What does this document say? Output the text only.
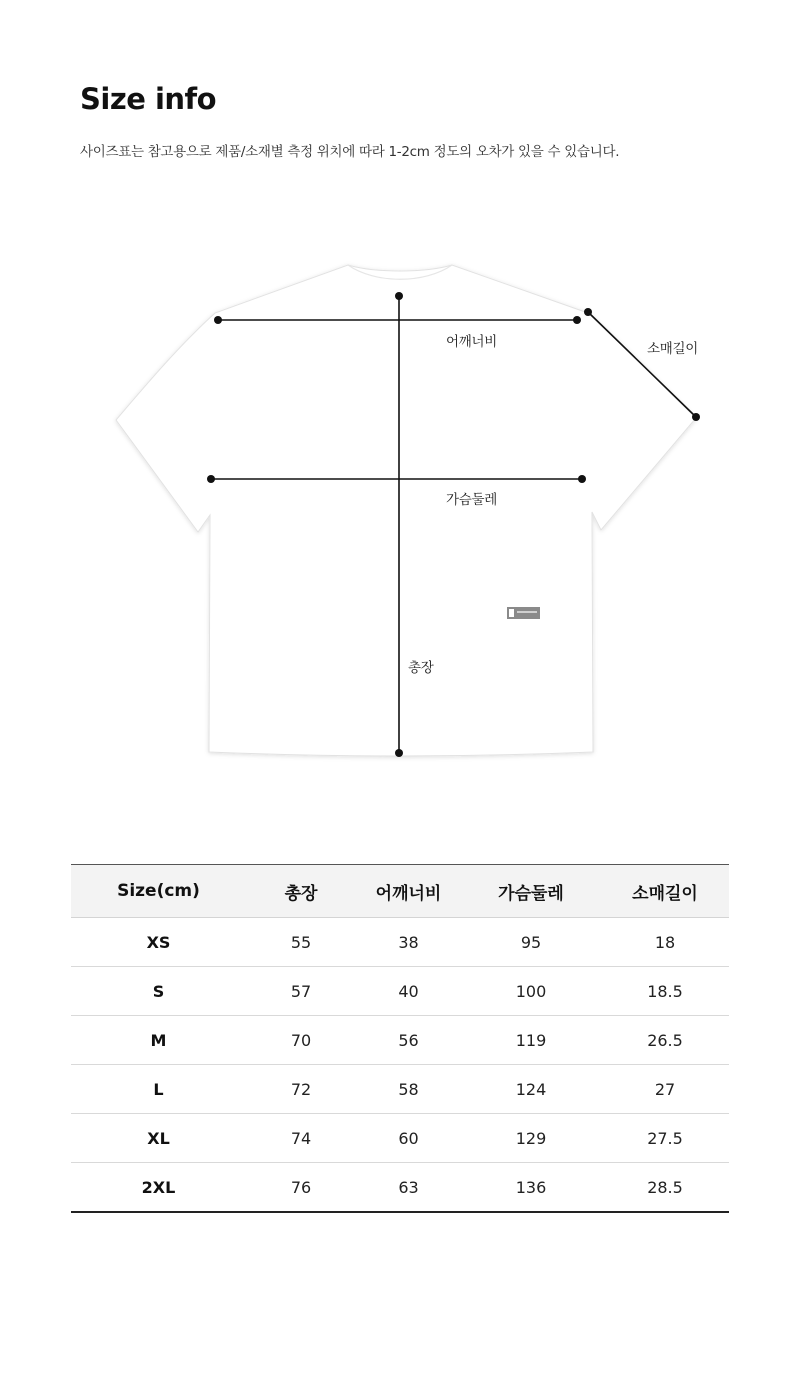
Size info
사이즈표는 참고용으로 제품/소재별 측정 위치에 따라 1-2cm 정도의 오차가 있을 수 있습니다.
어깨너비	소매길이
가슴둘레
총장
Size(cm)	총장	어깨너비	가슴둘레	소매길이
XS	55	38	95	18
S	57	40	100	18.5
M	70	56	119	26.5
L	72	58	124	27
XL	74	60	129	27.5
2XL	76	63	136	28.5
